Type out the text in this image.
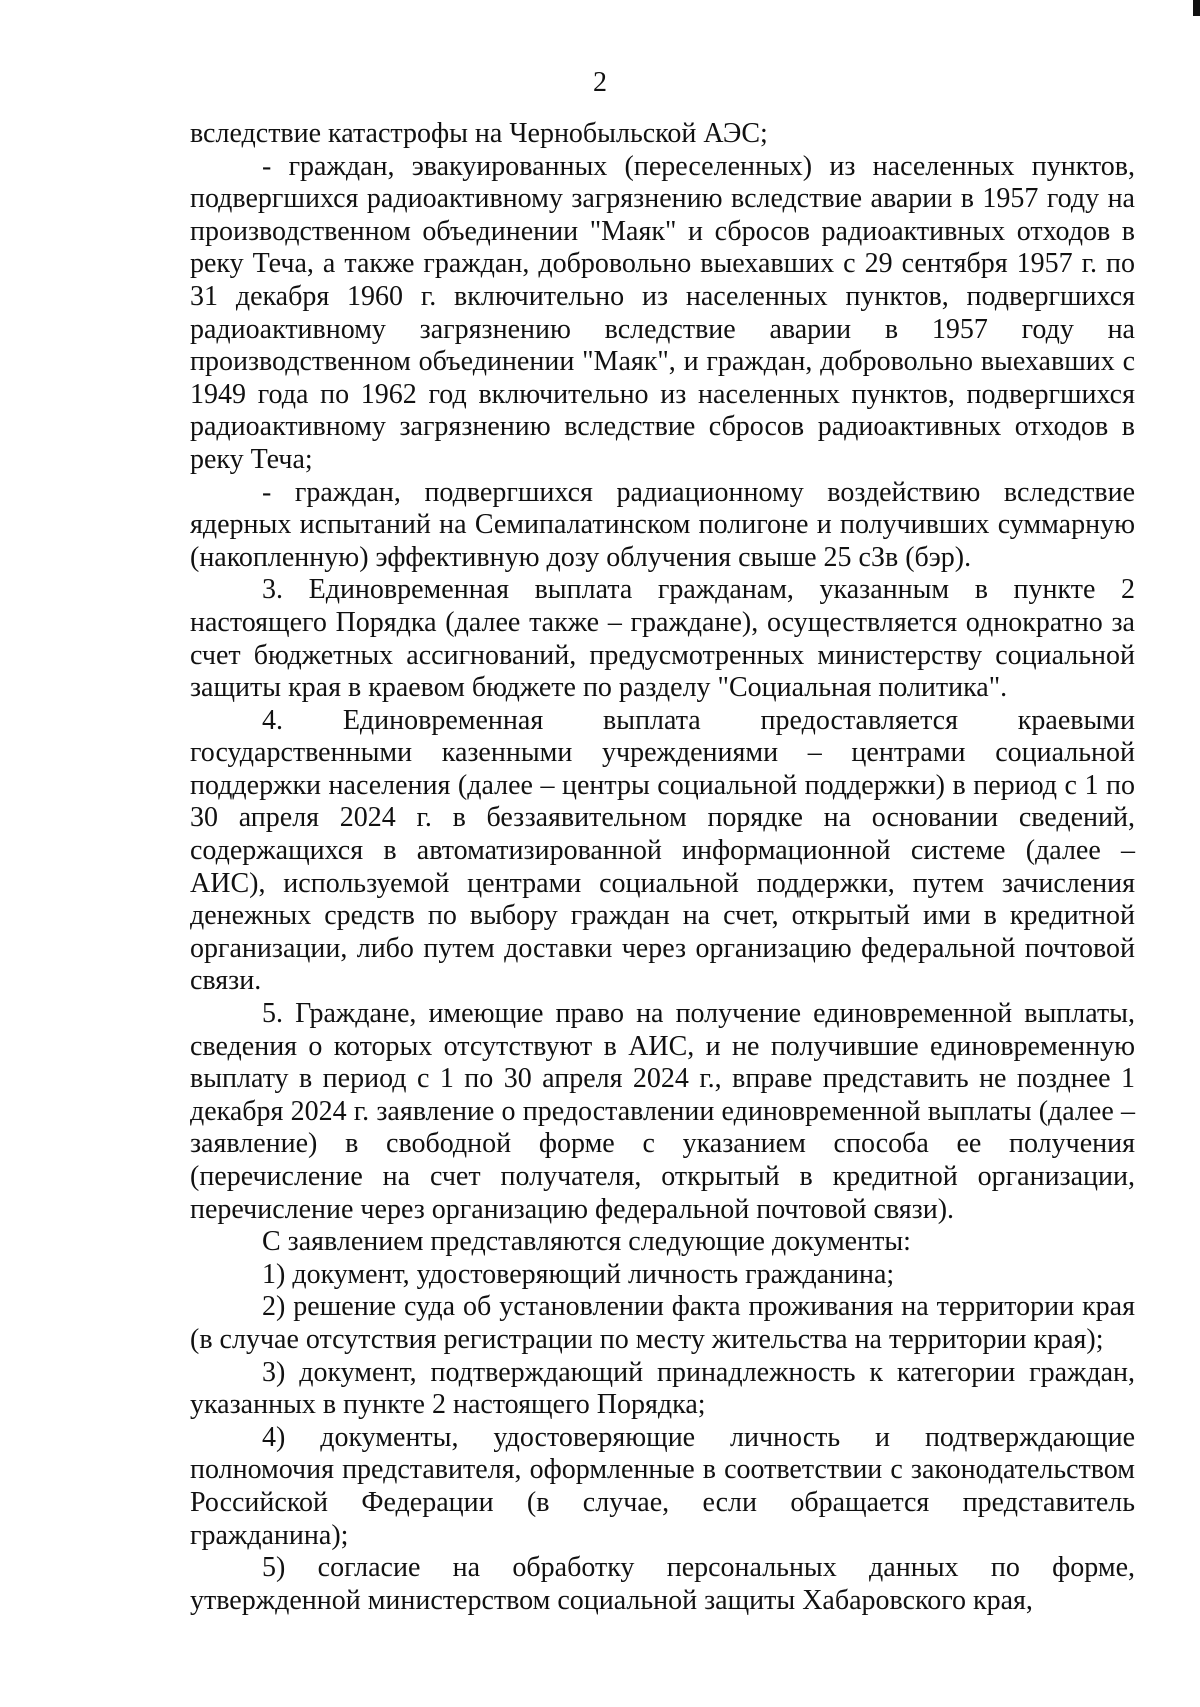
2

вследствие катастрофы на Чернобыльской АЭС;

- граждан, эвакуированных (переселенных) из населенных пунктов, подвергшихся радиоактивному загрязнению вследствие аварии в 1957 году на производственном объединении "Маяк" и сбросов радиоактивных отходов в реку Теча, а также граждан, добровольно выехавших с 29 сентября 1957 г. по 31 декабря 1960 г. включительно из населенных пунктов, подвергшихся радиоактивному загрязнению вследствие аварии в 1957 году на производственном объединении "Маяк", и граждан, добровольно выехавших с 1949 года по 1962 год включительно из населенных пунктов, подвергшихся радиоактивному загрязнению вследствие сбросов радиоактивных отходов в реку Теча;

- граждан, подвергшихся радиационному воздействию вследствие ядерных испытаний на Семипалатинском полигоне и получивших суммарную (накопленную) эффективную дозу облучения свыше 25 сЗв (бэр).

3. Единовременная выплата гражданам, указанным в пункте 2 настоящего Порядка (далее также – граждане), осуществляется однократно за счет бюджетных ассигнований, предусмотренных министерству социальной защиты края в краевом бюджете по разделу "Социальная политика".

4. Единовременная выплата предоставляется краевыми государственными казенными учреждениями – центрами социальной поддержки населения (далее – центры социальной поддержки) в период с 1 по 30 апреля 2024 г. в беззаявительном порядке на основании сведений, содержащихся в автоматизированной информационной системе (далее – АИС), используемой центрами социальной поддержки, путем зачисления денежных средств по выбору граждан на счет, открытый ими в кредитной организации, либо путем доставки через организацию федеральной почтовой связи.

5. Граждане, имеющие право на получение единовременной выплаты, сведения о которых отсутствуют в АИС, и не получившие единовременную выплату в период с 1 по 30 апреля 2024 г., вправе представить не позднее 1 декабря 2024 г. заявление о предоставлении единовременной выплаты (далее – заявление) в свободной форме с указанием способа ее получения (перечисление на счет получателя, открытый в кредитной организации, перечисление через организацию федеральной почтовой связи).

С заявлением представляются следующие документы:

1) документ, удостоверяющий личность гражданина;

2) решение суда об установлении факта проживания на территории края (в случае отсутствия регистрации по месту жительства на территории края);

3) документ, подтверждающий принадлежность к категории граждан, указанных в пункте 2 настоящего Порядка;

4) документы, удостоверяющие личность и подтверждающие полномочия представителя, оформленные в соответствии с законодательством Российской Федерации (в случае, если обращается представитель гражданина);

5) согласие на обработку персональных данных по форме, утвержденной министерством социальной защиты Хабаровского края,
